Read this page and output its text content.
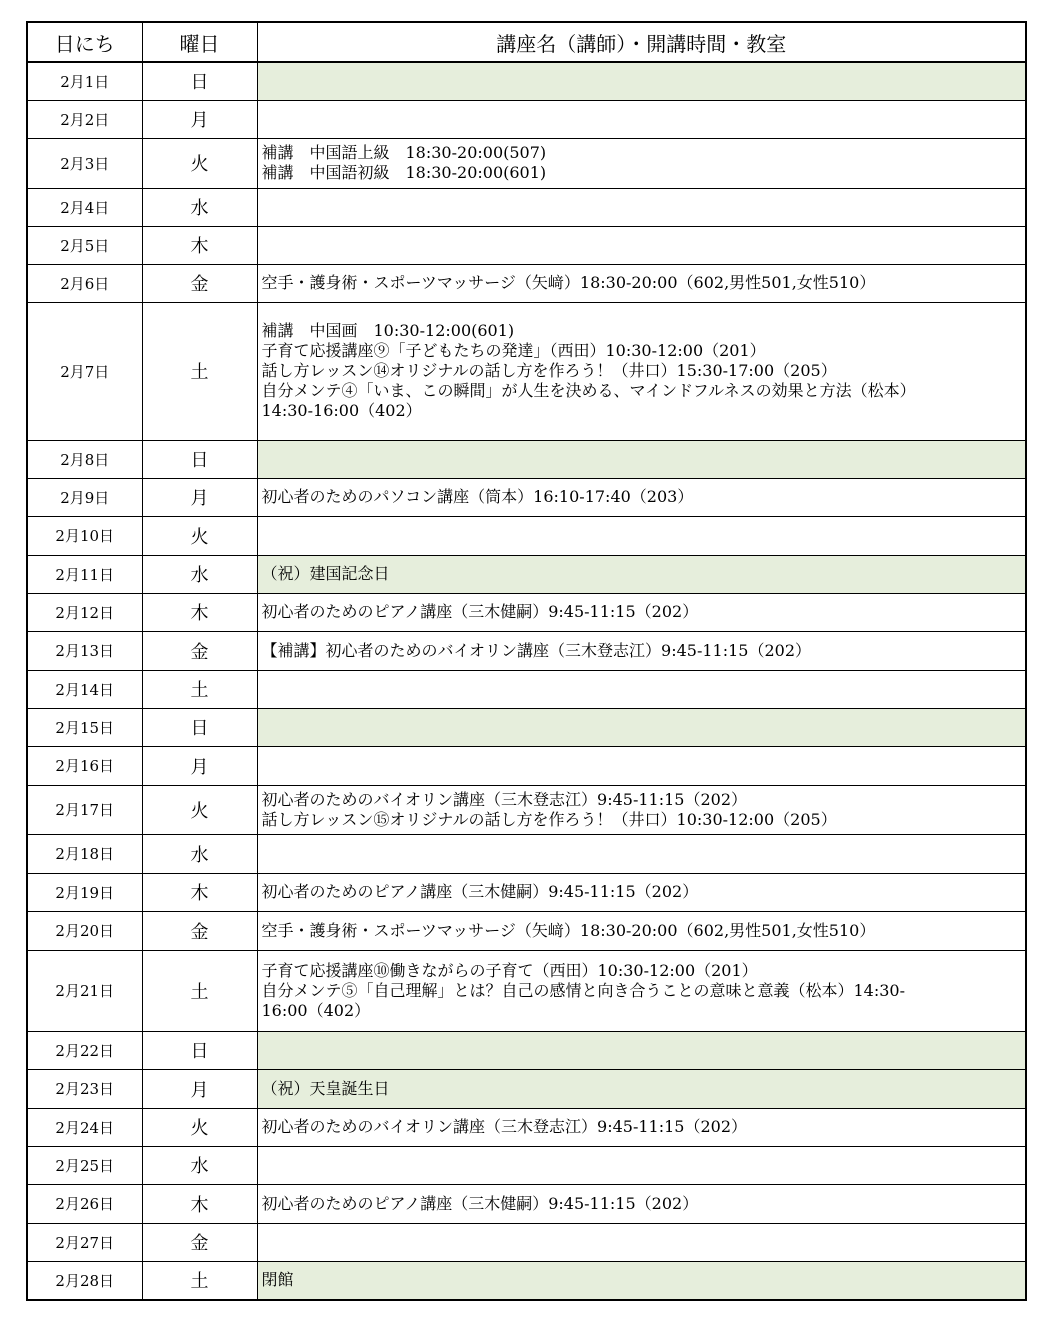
日にち	曜日	講座名（講師）・開講時間・教室
2月1日	日	
2月2日	月	
2月3日	火	補講　中国語上級　18:30-20:00(507)
補講　中国語初級　18:30-20:00(601)

2月4日	水	
2月5日	木	
2月6日	金	空手・護身術・スポーツマッサージ（矢﨑）18:30-20:00（602,男性501,女性510）

2月7日	土	補講　中国画　10:30-12:00(601)
子育て応援講座⑨「子どもたちの発達」（西田）10:30-12:00（201）
話し方レッスン⑭オリジナルの話し方を作ろう！（井口）15:30-17:00（205）
自分メンテ④「いま、この瞬間」が人生を決める、マインドフルネスの効果と方法（松本）
14:30-16:00（402）

2月8日	日	
2月9日	月	初心者のためのパソコン講座（筒本）16:10-17:40（203）

2月10日	火	
2月11日	水	（祝）建国記念日

2月12日	木	初心者のためのピアノ講座（三木健嗣）9:45-11:15（202）

2月13日	金	【補講】初心者のためのバイオリン講座（三木登志江）9:45-11:15（202）

2月14日	土	
2月15日	日	
2月16日	月	
2月17日	火	初心者のためのバイオリン講座（三木登志江）9:45-11:15（202）
話し方レッスン⑮オリジナルの話し方を作ろう！（井口）10:30-12:00（205）

2月18日	水	
2月19日	木	初心者のためのピアノ講座（三木健嗣）9:45-11:15（202）

2月20日	金	空手・護身術・スポーツマッサージ（矢﨑）18:30-20:00（602,男性501,女性510）

2月21日	土	子育て応援講座⑩働きながらの子育て（西田）10:30-12:00（201）
自分メンテ⑤「自己理解」とは？自己の感情と向き合うことの意味と意義（松本）14:30-
16:00（402）

2月22日	日	
2月23日	月	（祝）天皇誕生日

2月24日	火	初心者のためのバイオリン講座（三木登志江）9:45-11:15（202）

2月25日	水	
2月26日	木	初心者のためのピアノ講座（三木健嗣）9:45-11:15（202）

2月27日	金	
2月28日	土	閉館
